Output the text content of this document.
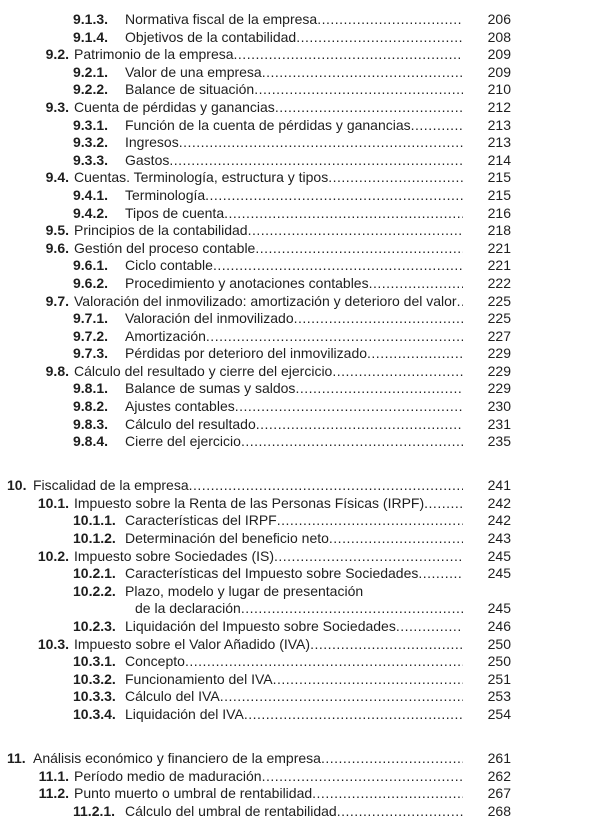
9.1.3. Normativa fiscal de la empresa .....	206
9.1.4. Objetivos de la contabilidad .....	208
9.2. Patrimonio de la empresa .....	209
9.2.1. Valor de una empresa .....	209
9.2.2. Balance de situación .....	210
9.3. Cuenta de pérdidas y ganancias .....	212
9.3.1. Función de la cuenta de pérdidas y ganancias .....	213
9.3.2. Ingresos .....	213
9.3.3. Gastos .....	214
9.4. Cuentas. Terminología, estructura y tipos .....	215
9.4.1. Terminología .....	215
9.4.2. Tipos de cuenta .....	216
9.5. Principios de la contabilidad .....	218
9.6. Gestión del proceso contable .....	221
9.6.1. Ciclo contable .....	221
9.6.2. Procedimiento y anotaciones contables .....	222
9.7. Valoración del inmovilizado: amortización y deterioro del valor ..... 225
9.7.1. Valoración del inmovilizado .....	225
9.7.2. Amortización .....	227
9.7.3. Pérdidas por deterioro del inmovilizado .....	229
9.8. Cálculo del resultado y cierre del ejercicio .....	229
9.8.1. Balance de sumas y saldos .....	229
9.8.2. Ajustes contables .....	230
9.8.3. Cálculo del resultado .....	231
9.8.4. Cierre del ejercicio .....	235
10. Fiscalidad de la empresa .....	241
10.1. Impuesto sobre la Renta de las Personas Físicas (IRPF) .....	242
10.1.1. Características del IRPF .....	242
10.1.2. Determinación del beneficio neto .....	243
10.2. Impuesto sobre Sociedades (IS) .....	245
10.2.1. Características del Impuesto sobre Sociedades .....	245
10.2.2. Plazo, modelo y lugar de presentación
de la declaración .....	245
10.2.3. Liquidación del Impuesto sobre Sociedades .....	246
10.3. Impuesto sobre el Valor Añadido (IVA) .....	250
10.3.1. Concepto .....	250
10.3.2. Funcionamiento del IVA .....	251
10.3.3. Cálculo del IVA .....	253
10.3.4. Liquidación del IVA .....	254
11. Análisis económico y financiero de la empresa .....	261
11.1. Período medio de maduración .....	262
11.2. Punto muerto o umbral de rentabilidad .....	267
11.2.1. Cálculo del umbral de rentabilidad .....	268
